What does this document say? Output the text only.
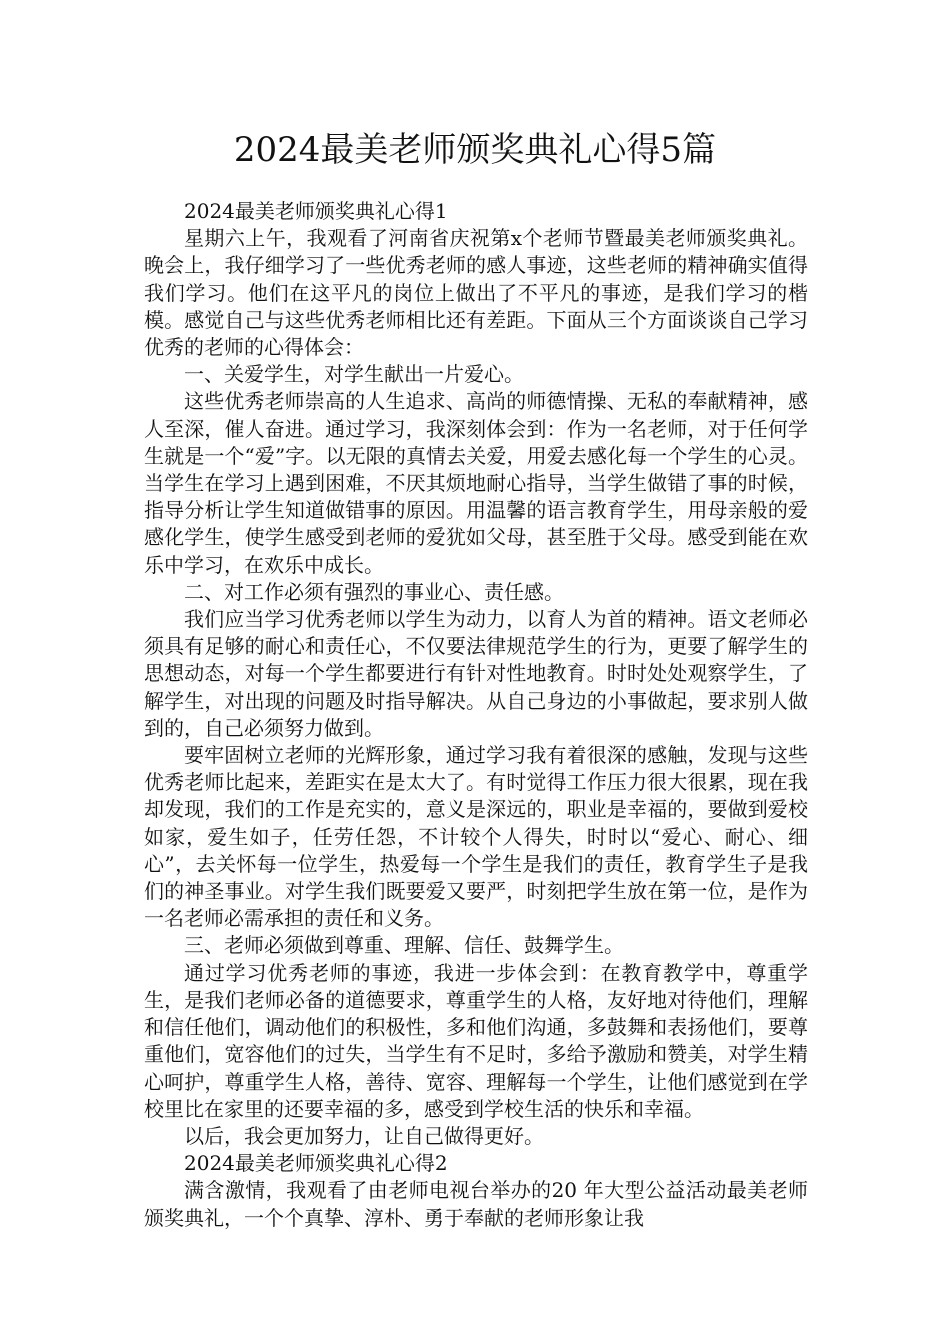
2024最美老师颁奖典礼心得5篇

2024最美老师颁奖典礼心得1

星期六上午，我观看了河南省庆祝第x个老师节暨最美老师颁奖典礼。晚会上，我仔细学习了一些优秀老师的感人事迹，这些老师的精神确实值得我们学习。他们在这平凡的岗位上做出了不平凡的事迹，是我们学习的楷模。感觉自己与这些优秀老师相比还有差距。下面从三个方面谈谈自己学习优秀的老师的心得体会：

一、关爱学生，对学生献出一片爱心。

这些优秀老师崇高的人生追求、高尚的师德情操、无私的奉献精神，感人至深，催人奋进。通过学习，我深刻体会到：作为一名老师，对于任何学生就是一个“爱”字。以无限的真情去关爱，用爱去感化每一个学生的心灵。当学生在学习上遇到困难，不厌其烦地耐心指导，当学生做错了事的时候，指导分析让学生知道做错事的原因。用温馨的语言教育学生，用母亲般的爱感化学生，使学生感受到老师的爱犹如父母，甚至胜于父母。感受到能在欢乐中学习，在欢乐中成长。

二、对工作必须有强烈的事业心、责任感。

我们应当学习优秀老师以学生为动力，以育人为首的精神。语文老师必须具有足够的耐心和责任心，不仅要法律规范学生的行为，更要了解学生的思想动态，对每一个学生都要进行有针对性地教育。时时处处观察学生，了解学生，对出现的问题及时指导解决。从自己身边的小事做起，要求别人做到的，自己必须努力做到。

要牢固树立老师的光辉形象，通过学习我有着很深的感触，发现与这些优秀老师比起来，差距实在是太大了。有时觉得工作压力很大很累，现在我却发现，我们的工作是充实的，意义是深远的，职业是幸福的，要做到爱校如家，爱生如子，任劳任怨，不计较个人得失，时时以“爱心、耐心、细心”，去关怀每一位学生，热爱每一个学生是我们的责任，教育学生子是我们的神圣事业。对学生我们既要爱又要严，时刻把学生放在第一位，是作为一名老师必需承担的责任和义务。

三、老师必须做到尊重、理解、信任、鼓舞学生。

通过学习优秀老师的事迹，我进一步体会到：在教育教学中，尊重学生，是我们老师必备的道德要求，尊重学生的人格，友好地对待他们，理解和信任他们，调动他们的积极性，多和他们沟通，多鼓舞和表扬他们，要尊重他们，宽容他们的过失，当学生有不足时，多给予激励和赞美，对学生精心呵护，尊重学生人格，善待、宽容、理解每一个学生，让他们感觉到在学校里比在家里的还要幸福的多，感受到学校生活的快乐和幸福。

以后，我会更加努力，让自己做得更好。

2024最美老师颁奖典礼心得2

满含激情，我观看了由老师电视台举办的20 年大型公益活动最美老师颁奖典礼，一个个真挚、淳朴、勇于奉献的老师形象让我
